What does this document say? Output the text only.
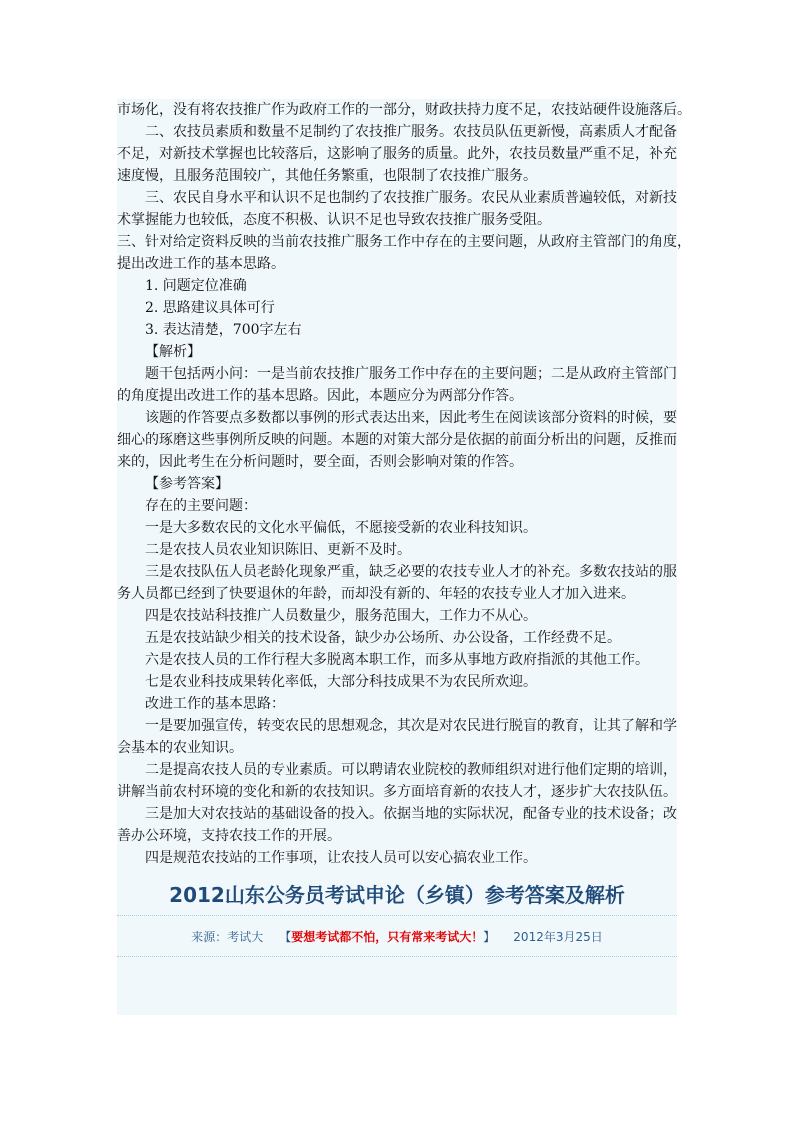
市场化，没有将农技推广作为政府工作的一部分，财政扶持力度不足，农技站硬件设施落后。
二、农技员素质和数量不足制约了农技推广服务。农技员队伍更新慢，高素质人才配备
不足，对新技术掌握也比较落后，这影响了服务的质量。此外，农技员数量严重不足，补充
速度慢，且服务范围较广，其他任务繁重，也限制了农技推广服务。
三、农民自身水平和认识不足也制约了农技推广服务。农民从业素质普遍较低，对新技
术掌握能力也较低，态度不积极、认识不足也导致农技推广服务受阻。
三、针对给定资料反映的当前农技推广服务工作中存在的主要问题，从政府主管部门的角度，
提出改进工作的基本思路。
1. 问题定位准确
2. 思路建议具体可行
3. 表达清楚，700字左右
【解析】
题干包括两小问：一是当前农技推广服务工作中存在的主要问题；二是从政府主管部门
的角度提出改进工作的基本思路。因此，本题应分为两部分作答。
该题的作答要点多数都以事例的形式表达出来，因此考生在阅读该部分资料的时候，要
细心的琢磨这些事例所反映的问题。本题的对策大部分是依据的前面分析出的问题，反推而
来的，因此考生在分析问题时，要全面，否则会影响对策的作答。
【参考答案】
存在的主要问题：
一是大多数农民的文化水平偏低，不愿接受新的农业科技知识。
二是农技人员农业知识陈旧、更新不及时。
三是农技队伍人员老龄化现象严重，缺乏必要的农技专业人才的补充。多数农技站的服
务人员都已经到了快要退休的年龄，而却没有新的、年轻的农技专业人才加入进来。
四是农技站科技推广人员数量少，服务范围大，工作力不从心。
五是农技站缺少相关的技术设备，缺少办公场所、办公设备，工作经费不足。
六是农技人员的工作行程大多脱离本职工作，而多从事地方政府指派的其他工作。
七是农业科技成果转化率低，大部分科技成果不为农民所欢迎。
改进工作的基本思路：
一是要加强宣传，转变农民的思想观念，其次是对农民进行脱盲的教育，让其了解和学
会基本的农业知识。
二是提高农技人员的专业素质。可以聘请农业院校的教师组织对进行他们定期的培训，
讲解当前农村环境的变化和新的农技知识。多方面培育新的农技人才，逐步扩大农技队伍。
三是加大对农技站的基础设备的投入。依据当地的实际状况，配备专业的技术设备；改
善办公环境，支持农技工作的开展。
四是规范农技站的工作事项，让农技人员可以安心搞农业工作。
2012山东公务员考试申论（乡镇）参考答案及解析
来源：考试大 【要想考试都不怕，只有常来考试大！】 2012年3月25日
